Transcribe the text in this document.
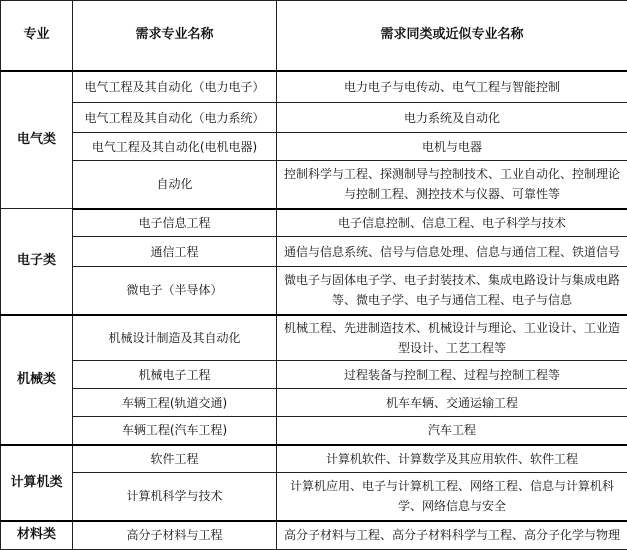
专业	需求专业名称	需求同类或近似专业名称
电气类	电气工程及其自动化（电力电子）	电力电子与电传动、电气工程与智能控制
	电气工程及其自动化（电力系统）	电力系统及自动化
	电气工程及其自动化(电机电器)	电机与电器
	自动化	控制科学与工程、探测制导与控制技术、工业自动化、控制理论与控制工程、测控技术与仪器、可靠性等
电子类	电子信息工程	电子信息控制、信息工程、电子科学与技术
	通信工程	通信与信息系统、信号与信息处理、信息与通信工程、铁道信号
	微电子（半导体）	微电子与固体电子学、电子封装技术、集成电路设计与集成电路等、微电子学、电子与通信工程、电子与信息
机械类	机械设计制造及其自动化	机械工程、先进制造技术、机械设计与理论、工业设计、工业造型设计、工艺工程等
	机械电子工程	过程装备与控制工程、过程与控制工程等
	车辆工程(轨道交通)	机车车辆、交通运输工程
	车辆工程(汽车工程)	汽车工程
计算机类	软件工程	计算机软件、计算数学及其应用软件、软件工程
	计算机科学与技术	计算机应用、电子与计算机工程、网络工程、信息与计算机科学、网络信息与安全
材料类	高分子材料与工程	高分子材料与工程、高分子材料科学与工程、高分子化学与物理
